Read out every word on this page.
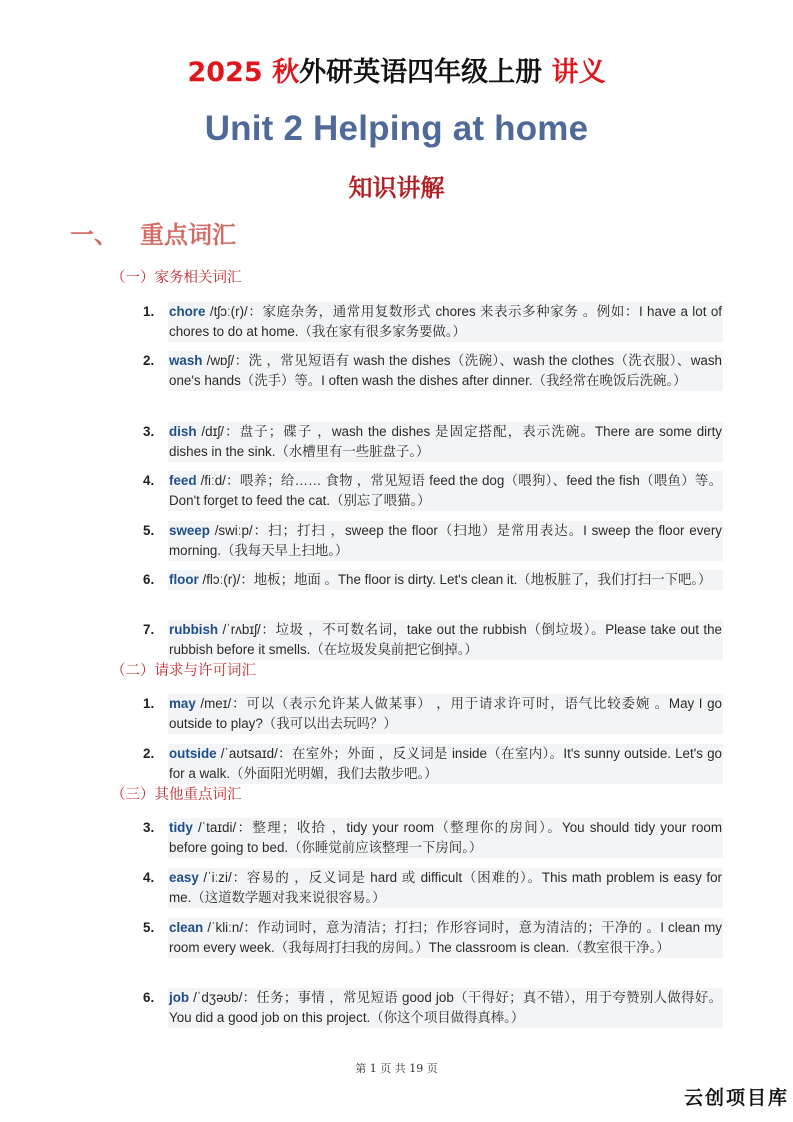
2025 秋外研英语四年级上册 讲义
Unit 2 Helping at home
知识讲解
一、 重点词汇
（一）家务相关词汇
1.	chore /tʃɔː(r)/：家庭杂务，通常用复数形式 chores 来表示多种家务 。例如：I have a lot of chores to do at home.（我在家有很多家务要做。）
2.	wash /wɒʃ/：洗 ，常见短语有 wash the dishes（洗碗）、wash the clothes（洗衣服）、wash one's hands（洗手）等。I often wash the dishes after dinner.（我经常在晚饭后洗碗。）
3.	dish /dɪʃ/：盘子；碟子 ，wash the dishes 是固定搭配，表示洗碗。There are some dirty dishes in the sink.（水槽里有一些脏盘子。）
4.	feed /fiːd/：喂养；给…… 食物 ，常见短语 feed the dog（喂狗）、feed the fish（喂鱼）等。Don't forget to feed the cat.（别忘了喂猫。）
5.	sweep /swiːp/：扫；打扫 ，sweep the floor（扫地）是常用表达。I sweep the floor every morning.（我每天早上扫地。）
6.	floor /flɔː(r)/：地板；地面 。The floor is dirty. Let's clean it.（地板脏了，我们打扫一下吧。）
7.	rubbish /ˈrʌbɪʃ/：垃圾 ，不可数名词，take out the rubbish（倒垃圾）。Please take out the rubbish before it smells.（在垃圾发臭前把它倒掉。）
（二）请求与许可词汇
1.	may /meɪ/：可以（表示允许某人做某事） ，用于请求许可时，语气比较委婉 。May I go outside to play?（我可以出去玩吗？）
2.	outside /ˈaʊtsaɪd/：在室外；外面 ，反义词是 inside（在室内）。It's sunny outside. Let's go for a walk.（外面阳光明媚，我们去散步吧。）
（三）其他重点词汇
3.	tidy /ˈtaɪdi/：整理；收拾 ，tidy your room（整理你的房间）。You should tidy your room before going to bed.（你睡觉前应该整理一下房间。）
4.	easy /ˈiːzi/：容易的 ，反义词是 hard 或 difficult（困难的）。This math problem is easy for me.（这道数学题对我来说很容易。）
5.	clean /ˈkliːn/：作动词时，意为清洁；打扫；作形容词时，意为清洁的；干净的 。I clean my room every week.（我每周打扫我的房间。）The classroom is clean.（教室很干净。）
6.	job /ˈdʒəʊb/：任务；事情 ，常见短语 good job（干得好；真不错），用于夸赞别人做得好。You did a good job on this project.（你这个项目做得真棒。）
第 1 页 共 19 页
云创项目库
